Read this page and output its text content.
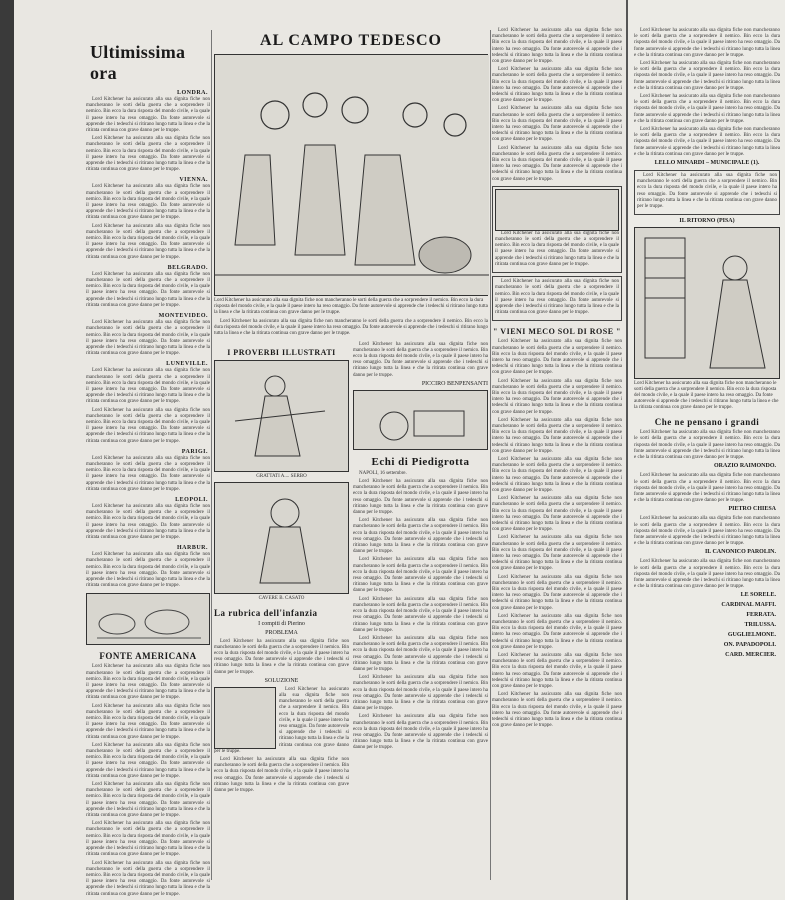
Ultimissima ora
LONDRA.

Lord Kitchener ha assicurato alla sua dignita fiche non mancheranno le sorti della guerra che a sorprendere il nemico. Bin ecco la dura risposta del mondo civile, e la quale il paese intero ha reso omaggio. Da fonte autorevole si apprende che i tedeschi si ritirano lungo tutta la linea e che la ritirata continua con grave danno per le truppe.

Lord Kitchener ha assicurato alla sua dignita fiche non mancheranno le sorti della guerra che a sorprendere il nemico. Bin ecco la dura risposta del mondo civile, e la quale il paese intero ha reso omaggio. Da fonte autorevole si apprende che i tedeschi si ritirano lungo tutta la linea e che la ritirata continua con grave danno per le truppe.

VIENNA.

Lord Kitchener ha assicurato alla sua dignita fiche non mancheranno le sorti della guerra che a sorprendere il nemico. Bin ecco la dura risposta del mondo civile, e la quale il paese intero ha reso omaggio. Da fonte autorevole si apprende che i tedeschi si ritirano lungo tutta la linea e che la ritirata continua con grave danno per le truppe.

Lord Kitchener ha assicurato alla sua dignita fiche non mancheranno le sorti della guerra che a sorprendere il nemico. Bin ecco la dura risposta del mondo civile, e la quale il paese intero ha reso omaggio. Da fonte autorevole si apprende che i tedeschi si ritirano lungo tutta la linea e che la ritirata continua con grave danno per le truppe.

BELGRADO.

Lord Kitchener ha assicurato alla sua dignita fiche non mancheranno le sorti della guerra che a sorprendere il nemico. Bin ecco la dura risposta del mondo civile, e la quale il paese intero ha reso omaggio. Da fonte autorevole si apprende che i tedeschi si ritirano lungo tutta la linea e che la ritirata continua con grave danno per le truppe.

MONTEVIDEO.

Lord Kitchener ha assicurato alla sua dignita fiche non mancheranno le sorti della guerra che a sorprendere il nemico. Bin ecco la dura risposta del mondo civile, e la quale il paese intero ha reso omaggio. Da fonte autorevole si apprende che i tedeschi si ritirano lungo tutta la linea e che la ritirata continua con grave danno per le truppe.

LUNEVILLE.

Lord Kitchener ha assicurato alla sua dignita fiche non mancheranno le sorti della guerra che a sorprendere il nemico. Bin ecco la dura risposta del mondo civile, e la quale il paese intero ha reso omaggio. Da fonte autorevole si apprende che i tedeschi si ritirano lungo tutta la linea e che la ritirata continua con grave danno per le truppe.

Lord Kitchener ha assicurato alla sua dignita fiche non mancheranno le sorti della guerra che a sorprendere il nemico. Bin ecco la dura risposta del mondo civile, e la quale il paese intero ha reso omaggio. Da fonte autorevole si apprende che i tedeschi si ritirano lungo tutta la linea e che la ritirata continua con grave danno per le truppe.

PARIGI.

Lord Kitchener ha assicurato alla sua dignita fiche non mancheranno le sorti della guerra che a sorprendere il nemico. Bin ecco la dura risposta del mondo civile, e la quale il paese intero ha reso omaggio. Da fonte autorevole si apprende che i tedeschi si ritirano lungo tutta la linea e che la ritirata continua con grave danno per le truppe.

LEOPOLI.

Lord Kitchener ha assicurato alla sua dignita fiche non mancheranno le sorti della guerra che a sorprendere il nemico. Bin ecco la dura risposta del mondo civile, e la quale il paese intero ha reso omaggio. Da fonte autorevole si apprende che i tedeschi si ritirano lungo tutta la linea e che la ritirata continua con grave danno per le truppe.

HARBUR.

Lord Kitchener ha assicurato alla sua dignita fiche non mancheranno le sorti della guerra che a sorprendere il nemico. Bin ecco la dura risposta del mondo civile, e la quale il paese intero ha reso omaggio. Da fonte autorevole si apprende che i tedeschi si ritirano lungo tutta la linea e che la ritirata continua con grave danno per le truppe.

FONTE AMERICANA

Lord Kitchener ha assicurato alla sua dignita fiche non mancheranno le sorti della guerra che a sorprendere il nemico. Bin ecco la dura risposta del mondo civile, e la quale il paese intero ha reso omaggio. Da fonte autorevole si apprende che i tedeschi si ritirano lungo tutta la linea e che la ritirata continua con grave danno per le truppe.

Lord Kitchener ha assicurato alla sua dignita fiche non mancheranno le sorti della guerra che a sorprendere il nemico. Bin ecco la dura risposta del mondo civile, e la quale il paese intero ha reso omaggio. Da fonte autorevole si apprende che i tedeschi si ritirano lungo tutta la linea e che la ritirata continua con grave danno per le truppe.

Lord Kitchener ha assicurato alla sua dignita fiche non mancheranno le sorti della guerra che a sorprendere il nemico. Bin ecco la dura risposta del mondo civile, e la quale il paese intero ha reso omaggio. Da fonte autorevole si apprende che i tedeschi si ritirano lungo tutta la linea e che la ritirata continua con grave danno per le truppe.

Lord Kitchener ha assicurato alla sua dignita fiche non mancheranno le sorti della guerra che a sorprendere il nemico. Bin ecco la dura risposta del mondo civile, e la quale il paese intero ha reso omaggio. Da fonte autorevole si apprende che i tedeschi si ritirano lungo tutta la linea e che la ritirata continua con grave danno per le truppe.

Lord Kitchener ha assicurato alla sua dignita fiche non mancheranno le sorti della guerra che a sorprendere il nemico. Bin ecco la dura risposta del mondo civile, e la quale il paese intero ha reso omaggio. Da fonte autorevole si apprende che i tedeschi si ritirano lungo tutta la linea e che la ritirata continua con grave danno per le truppe.

Lord Kitchener ha assicurato alla sua dignita fiche non mancheranno le sorti della guerra che a sorprendere il nemico. Bin ecco la dura risposta del mondo civile, e la quale il paese intero ha reso omaggio. Da fonte autorevole si apprende che i tedeschi si ritirano lungo tutta la linea e che la ritirata continua con grave danno per le truppe.

AL CAMPO TEDESCO
Lord Kitchener ha assicurato alla sua dignita fiche non mancheranno le sorti della guerra che a sorprendere il nemico. Bin ecco la dura risposta del mondo civile, e la quale il paese intero ha reso omaggio. Da fonte autorevole si apprende che i tedeschi si ritirano lungo tutta la linea e che la ritirata continua con grave danno per le truppe.

Lord Kitchener ha assicurato alla sua dignita fiche non mancheranno le sorti della guerra che a sorprendere il nemico. Bin ecco la dura risposta del mondo civile, e la quale il paese intero ha reso omaggio. Da fonte autorevole si apprende che i tedeschi si ritirano lungo tutta la linea e che la ritirata continua con grave danno per le truppe.

I PROVERBI ILLUSTRATI
GRATTATI A.... SERBO
CAVERE B. CASATO
La rubrica dell'infanzia
I compiti di Pierino
PROBLEMA

Lord Kitchener ha assicurato alla sua dignita fiche non mancheranno le sorti della guerra che a sorprendere il nemico. Bin ecco la dura risposta del mondo civile, e la quale il paese intero ha reso omaggio. Da fonte autorevole si apprende che i tedeschi si ritirano lungo tutta la linea e che la ritirata continua con grave danno per le truppe.

SOLUZIONE

Lord Kitchener ha assicurato alla sua dignita fiche non mancheranno le sorti della guerra che a sorprendere il nemico. Bin ecco la dura risposta del mondo civile, e la quale il paese intero ha reso omaggio. Da fonte autorevole si apprende che i tedeschi si ritirano lungo tutta la linea e che la ritirata continua con grave danno per le truppe.

Lord Kitchener ha assicurato alla sua dignita fiche non mancheranno le sorti della guerra che a sorprendere il nemico. Bin ecco la dura risposta del mondo civile, e la quale il paese intero ha reso omaggio. Da fonte autorevole si apprende che i tedeschi si ritirano lungo tutta la linea e che la ritirata continua con grave danno per le truppe.

Lord Kitchener ha assicurato alla sua dignita fiche non mancheranno le sorti della guerra che a sorprendere il nemico. Bin ecco la dura risposta del mondo civile, e la quale il paese intero ha reso omaggio. Da fonte autorevole si apprende che i tedeschi si ritirano lungo tutta la linea e che la ritirata continua con grave danno per le truppe.

PICCIRO BENPENSANTI
Echi di Piedigrotta

NAPOLI, 16 settembre.

Lord Kitchener ha assicurato alla sua dignita fiche non mancheranno le sorti della guerra che a sorprendere il nemico. Bin ecco la dura risposta del mondo civile, e la quale il paese intero ha reso omaggio. Da fonte autorevole si apprende che i tedeschi si ritirano lungo tutta la linea e che la ritirata continua con grave danno per le truppe.

Lord Kitchener ha assicurato alla sua dignita fiche non mancheranno le sorti della guerra che a sorprendere il nemico. Bin ecco la dura risposta del mondo civile, e la quale il paese intero ha reso omaggio. Da fonte autorevole si apprende che i tedeschi si ritirano lungo tutta la linea e che la ritirata continua con grave danno per le truppe.

Lord Kitchener ha assicurato alla sua dignita fiche non mancheranno le sorti della guerra che a sorprendere il nemico. Bin ecco la dura risposta del mondo civile, e la quale il paese intero ha reso omaggio. Da fonte autorevole si apprende che i tedeschi si ritirano lungo tutta la linea e che la ritirata continua con grave danno per le truppe.

Lord Kitchener ha assicurato alla sua dignita fiche non mancheranno le sorti della guerra che a sorprendere il nemico. Bin ecco la dura risposta del mondo civile, e la quale il paese intero ha reso omaggio. Da fonte autorevole si apprende che i tedeschi si ritirano lungo tutta la linea e che la ritirata continua con grave danno per le truppe.

Lord Kitchener ha assicurato alla sua dignita fiche non mancheranno le sorti della guerra che a sorprendere il nemico. Bin ecco la dura risposta del mondo civile, e la quale il paese intero ha reso omaggio. Da fonte autorevole si apprende che i tedeschi si ritirano lungo tutta la linea e che la ritirata continua con grave danno per le truppe.

Lord Kitchener ha assicurato alla sua dignita fiche non mancheranno le sorti della guerra che a sorprendere il nemico. Bin ecco la dura risposta del mondo civile, e la quale il paese intero ha reso omaggio. Da fonte autorevole si apprende che i tedeschi si ritirano lungo tutta la linea e che la ritirata continua con grave danno per le truppe.

Lord Kitchener ha assicurato alla sua dignita fiche non mancheranno le sorti della guerra che a sorprendere il nemico. Bin ecco la dura risposta del mondo civile, e la quale il paese intero ha reso omaggio. Da fonte autorevole si apprende che i tedeschi si ritirano lungo tutta la linea e che la ritirata continua con grave danno per le truppe.

Lord Kitchener ha assicurato alla sua dignita fiche non mancheranno le sorti della guerra che a sorprendere il nemico. Bin ecco la dura risposta del mondo civile, e la quale il paese intero ha reso omaggio. Da fonte autorevole si apprende che i tedeschi si ritirano lungo tutta la linea e che la ritirata continua con grave danno per le truppe.

Lord Kitchener ha assicurato alla sua dignita fiche non mancheranno le sorti della guerra che a sorprendere il nemico. Bin ecco la dura risposta del mondo civile, e la quale il paese intero ha reso omaggio. Da fonte autorevole si apprende che i tedeschi si ritirano lungo tutta la linea e che la ritirata continua con grave danno per le truppe.

Lord Kitchener ha assicurato alla sua dignita fiche non mancheranno le sorti della guerra che a sorprendere il nemico. Bin ecco la dura risposta del mondo civile, e la quale il paese intero ha reso omaggio. Da fonte autorevole si apprende che i tedeschi si ritirano lungo tutta la linea e che la ritirata continua con grave danno per le truppe.

Lord Kitchener ha assicurato alla sua dignita fiche non mancheranno le sorti della guerra che a sorprendere il nemico. Bin ecco la dura risposta del mondo civile, e la quale il paese intero ha reso omaggio. Da fonte autorevole si apprende che i tedeschi si ritirano lungo tutta la linea e che la ritirata continua con grave danno per le truppe.

Lord Kitchener ha assicurato alla sua dignita fiche non mancheranno le sorti della guerra che a sorprendere il nemico. Bin ecco la dura risposta del mondo civile, e la quale il paese intero ha reso omaggio. Da fonte autorevole si apprende che i tedeschi si ritirano lungo tutta la linea e che la ritirata continua con grave danno per le truppe.

Lord Kitchener ha assicurato alla sua dignita fiche non mancheranno le sorti della guerra che a sorprendere il nemico. Bin ecco la dura risposta del mondo civile, e la quale il paese intero ha reso omaggio. Da fonte autorevole si apprende che i tedeschi si ritirano lungo tutta la linea e che la ritirata continua con grave danno per le truppe.

" VIENI MECO SOL DI ROSE "

Lord Kitchener ha assicurato alla sua dignita fiche non mancheranno le sorti della guerra che a sorprendere il nemico. Bin ecco la dura risposta del mondo civile, e la quale il paese intero ha reso omaggio. Da fonte autorevole si apprende che i tedeschi si ritirano lungo tutta la linea e che la ritirata continua con grave danno per le truppe.

Lord Kitchener ha assicurato alla sua dignita fiche non mancheranno le sorti della guerra che a sorprendere il nemico. Bin ecco la dura risposta del mondo civile, e la quale il paese intero ha reso omaggio. Da fonte autorevole si apprende che i tedeschi si ritirano lungo tutta la linea e che la ritirata continua con grave danno per le truppe.

Lord Kitchener ha assicurato alla sua dignita fiche non mancheranno le sorti della guerra che a sorprendere il nemico. Bin ecco la dura risposta del mondo civile, e la quale il paese intero ha reso omaggio. Da fonte autorevole si apprende che i tedeschi si ritirano lungo tutta la linea e che la ritirata continua con grave danno per le truppe.

Lord Kitchener ha assicurato alla sua dignita fiche non mancheranno le sorti della guerra che a sorprendere il nemico. Bin ecco la dura risposta del mondo civile, e la quale il paese intero ha reso omaggio. Da fonte autorevole si apprende che i tedeschi si ritirano lungo tutta la linea e che la ritirata continua con grave danno per le truppe.

Lord Kitchener ha assicurato alla sua dignita fiche non mancheranno le sorti della guerra che a sorprendere il nemico. Bin ecco la dura risposta del mondo civile, e la quale il paese intero ha reso omaggio. Da fonte autorevole si apprende che i tedeschi si ritirano lungo tutta la linea e che la ritirata continua con grave danno per le truppe.

Lord Kitchener ha assicurato alla sua dignita fiche non mancheranno le sorti della guerra che a sorprendere il nemico. Bin ecco la dura risposta del mondo civile, e la quale il paese intero ha reso omaggio. Da fonte autorevole si apprende che i tedeschi si ritirano lungo tutta la linea e che la ritirata continua con grave danno per le truppe.

Lord Kitchener ha assicurato alla sua dignita fiche non mancheranno le sorti della guerra che a sorprendere il nemico. Bin ecco la dura risposta del mondo civile, e la quale il paese intero ha reso omaggio. Da fonte autorevole si apprende che i tedeschi si ritirano lungo tutta la linea e che la ritirata continua con grave danno per le truppe.

Lord Kitchener ha assicurato alla sua dignita fiche non mancheranno le sorti della guerra che a sorprendere il nemico. Bin ecco la dura risposta del mondo civile, e la quale il paese intero ha reso omaggio. Da fonte autorevole si apprende che i tedeschi si ritirano lungo tutta la linea e che la ritirata continua con grave danno per le truppe.

Lord Kitchener ha assicurato alla sua dignita fiche non mancheranno le sorti della guerra che a sorprendere il nemico. Bin ecco la dura risposta del mondo civile, e la quale il paese intero ha reso omaggio. Da fonte autorevole si apprende che i tedeschi si ritirano lungo tutta la linea e che la ritirata continua con grave danno per le truppe.

Lord Kitchener ha assicurato alla sua dignita fiche non mancheranno le sorti della guerra che a sorprendere il nemico. Bin ecco la dura risposta del mondo civile, e la quale il paese intero ha reso omaggio. Da fonte autorevole si apprende che i tedeschi si ritirano lungo tutta la linea e che la ritirata continua con grave danno per le truppe.

Lord Kitchener ha assicurato alla sua dignita fiche non mancheranno le sorti della guerra che a sorprendere il nemico. Bin ecco la dura risposta del mondo civile, e la quale il paese intero ha reso omaggio. Da fonte autorevole si apprende che i tedeschi si ritirano lungo tutta la linea e che la ritirata continua con grave danno per le truppe.

Lord Kitchener ha assicurato alla sua dignita fiche non mancheranno le sorti della guerra che a sorprendere il nemico. Bin ecco la dura risposta del mondo civile, e la quale il paese intero ha reso omaggio. Da fonte autorevole si apprende che i tedeschi si ritirano lungo tutta la linea e che la ritirata continua con grave danno per le truppe.

Lord Kitchener ha assicurato alla sua dignita fiche non mancheranno le sorti della guerra che a sorprendere il nemico. Bin ecco la dura risposta del mondo civile, e la quale il paese intero ha reso omaggio. Da fonte autorevole si apprende che i tedeschi si ritirano lungo tutta la linea e che la ritirata continua con grave danno per le truppe.

Lord Kitchener ha assicurato alla sua dignita fiche non mancheranno le sorti della guerra che a sorprendere il nemico. Bin ecco la dura risposta del mondo civile, e la quale il paese intero ha reso omaggio. Da fonte autorevole si apprende che i tedeschi si ritirano lungo tutta la linea e che la ritirata continua con grave danno per le truppe.

LELLO MINARDI – MUNICIPALE (1).

Lord Kitchener ha assicurato alla sua dignita fiche non mancheranno le sorti della guerra che a sorprendere il nemico. Bin ecco la dura risposta del mondo civile, e la quale il paese intero ha reso omaggio. Da fonte autorevole si apprende che i tedeschi si ritirano lungo tutta la linea e che la ritirata continua con grave danno per le truppe.

IL RITORNO (PISA)
Lord Kitchener ha assicurato alla sua dignita fiche non mancheranno le sorti della guerra che a sorprendere il nemico. Bin ecco la dura risposta del mondo civile, e la quale il paese intero ha reso omaggio. Da fonte autorevole si apprende che i tedeschi si ritirano lungo tutta la linea e che la ritirata continua con grave danno per le truppe.
Che ne pensano i grandi

Lord Kitchener ha assicurato alla sua dignita fiche non mancheranno le sorti della guerra che a sorprendere il nemico. Bin ecco la dura risposta del mondo civile, e la quale il paese intero ha reso omaggio. Da fonte autorevole si apprende che i tedeschi si ritirano lungo tutta la linea e che la ritirata continua con grave danno per le truppe.

ORAZIO RAIMONDO.

Lord Kitchener ha assicurato alla sua dignita fiche non mancheranno le sorti della guerra che a sorprendere il nemico. Bin ecco la dura risposta del mondo civile, e la quale il paese intero ha reso omaggio. Da fonte autorevole si apprende che i tedeschi si ritirano lungo tutta la linea e che la ritirata continua con grave danno per le truppe.

PIETRO CHIESA

Lord Kitchener ha assicurato alla sua dignita fiche non mancheranno le sorti della guerra che a sorprendere il nemico. Bin ecco la dura risposta del mondo civile, e la quale il paese intero ha reso omaggio. Da fonte autorevole si apprende che i tedeschi si ritirano lungo tutta la linea e che la ritirata continua con grave danno per le truppe.

IL CANONICO PAROLIN.

Lord Kitchener ha assicurato alla sua dignita fiche non mancheranno le sorti della guerra che a sorprendere il nemico. Bin ecco la dura risposta del mondo civile, e la quale il paese intero ha reso omaggio. Da fonte autorevole si apprende che i tedeschi si ritirano lungo tutta la linea e che la ritirata continua con grave danno per le truppe.

LE SORELE.
CARDINAL MAFFI.
FERRATA.
TRILUSSA.
GUGLIELMONE.
ON. PAPADOPOLI.
CARD. MERCIER.
